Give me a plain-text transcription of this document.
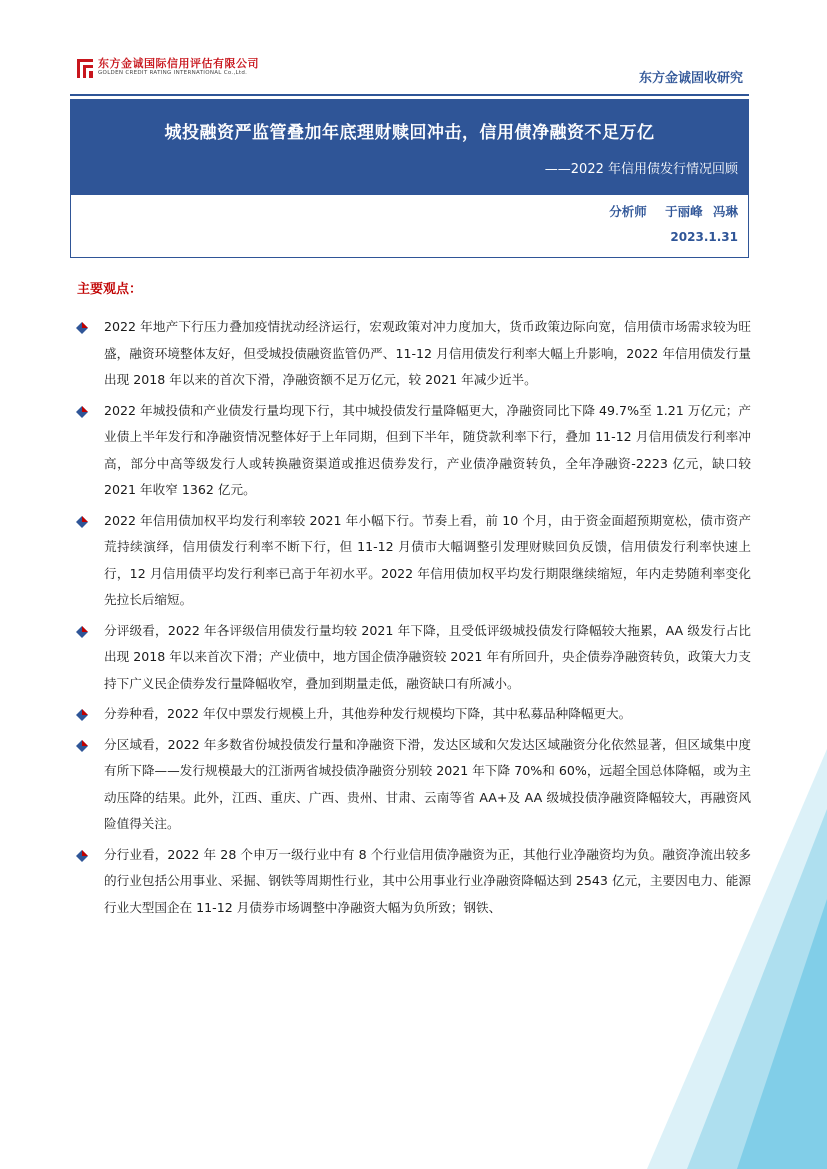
东方金诚国际信用评估有限公司
GOLDEN CREDIT RATING INTERNATIONAL Co.,Ltd.	东方金诚固收研究
城投融资严监管叠加年底理财赎回冲击，信用债净融资不足万亿
——2022 年信用债发行情况回顾
分析师 于丽峰 冯琳
2023.1.31
主要观点：
2022 年地产下行压力叠加疫情扰动经济运行，宏观政策对冲力度加大，货币政策边际向宽，信用债市场需求较为旺盛，融资环境整体友好，但受城投债融资监管仍严、11-12 月信用债发行利率大幅上升影响，2022 年信用债发行量出现 2018 年以来的首次下滑，净融资额不足万亿元，较 2021 年减少近半。
2022 年城投债和产业债发行量均现下行，其中城投债发行量降幅更大，净融资同比下降 49.7%至 1.21 万亿元；产业债上半年发行和净融资情况整体好于上年同期，但到下半年，随贷款利率下行，叠加 11-12 月信用债发行利率冲高，部分中高等级发行人或转换融资渠道或推迟债券发行，产业债净融资转负，全年净融资-2223 亿元，缺口较 2021 年收窄 1362 亿元。
2022 年信用债加权平均发行利率较 2021 年小幅下行。节奏上看，前 10 个月，由于资金面超预期宽松，债市资产荒持续演绎，信用债发行利率不断下行，但 11-12 月债市大幅调整引发理财赎回负反馈，信用债发行利率快速上行，12 月信用债平均发行利率已高于年初水平。2022 年信用债加权平均发行期限继续缩短，年内走势随利率变化先拉长后缩短。
分评级看，2022 年各评级信用债发行量均较 2021 年下降，且受低评级城投债发行降幅较大拖累，AA 级发行占比出现 2018 年以来首次下滑；产业债中，地方国企债净融资较 2021 年有所回升，央企债券净融资转负，政策大力支持下广义民企债券发行量降幅收窄，叠加到期量走低，融资缺口有所减小。
分券种看，2022 年仅中票发行规模上升，其他券种发行规模均下降，其中私募品种降幅更大。
分区域看，2022 年多数省份城投债发行量和净融资下滑，发达区域和欠发达区域融资分化依然显著，但区域集中度有所下降——发行规模最大的江浙两省城投债净融资分别较 2021 年下降 70%和 60%，远超全国总体降幅，或为主动压降的结果。此外，江西、重庆、广西、贵州、甘肃、云南等省 AA+及 AA 级城投债净融资降幅较大，再融资风险值得关注。
分行业看，2022 年 28 个申万一级行业中有 8 个行业信用债净融资为正，其他行业净融资均为负。融资净流出较多的行业包括公用事业、采掘、钢铁等周期性行业，其中公用事业行业净融资降幅达到 2543 亿元，主要因电力、能源行业大型国企在 11-12 月债券市场调整中净融资大幅为负所致；钢铁、
1
